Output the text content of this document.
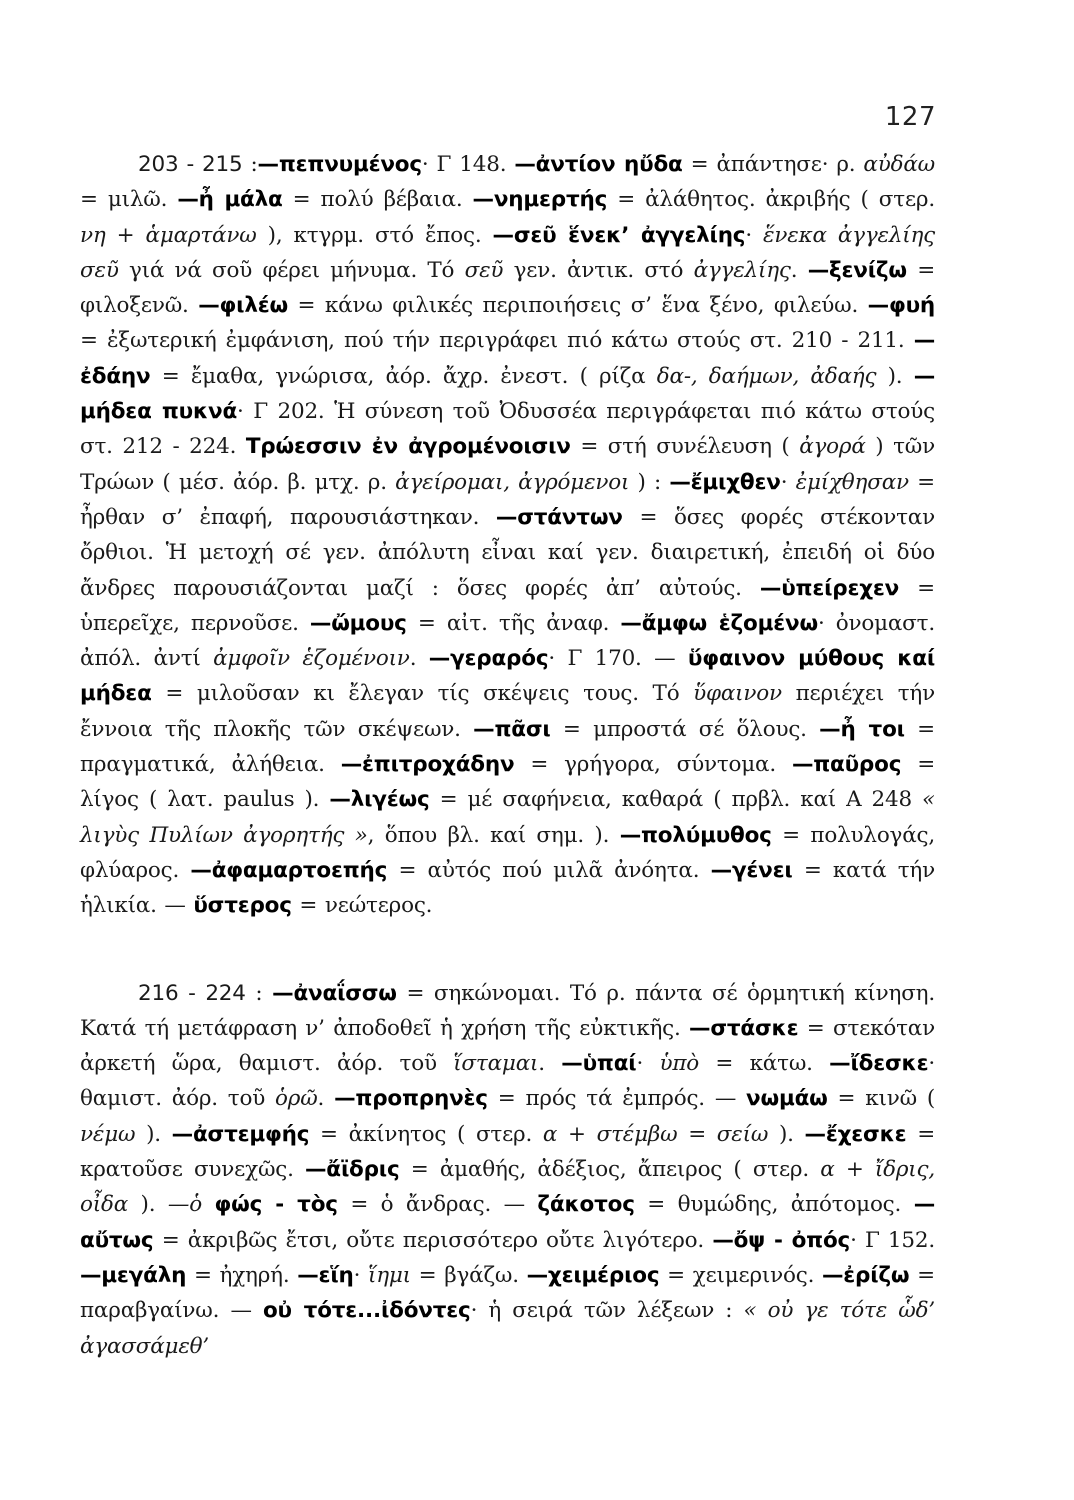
127

203 - 215 :—πεπνυμένος· Γ 148. —ἀντίον ηὔδα = ἀπάντησε· ρ. αὐδάω = μιλῶ. —ἦ μάλα = πολύ βέβαια. —νημερτής = ἀλάθητος. ἀκριβής ( στερ. νη + ἁμαρτάνω ), κτγρμ. στό ἔπος. —σεῦ ἕνεκ’ ἀγγελίης· ἕνεκα ἀγγελίης σεῦ γιά νά σοῦ φέρει μήνυμα. Τό σεῦ γεν. ἀντικ. στό ἀγγελίης. —ξενίζω = φιλοξενῶ. —φιλέω = κάνω φιλικές περιποιήσεις σ’ ἕνα ξένο, φιλεύω. —φυή = ἐξωτερική ἐμφάνιση, πού τήν περιγράφει πιό κάτω στούς στ. 210 - 211. —ἐδάην = ἔμαθα, γνώρισα, ἀόρ. ἄχρ. ἐνεστ. ( ρίζα δα-, δαήμων, ἀδαής ). —μήδεα πυκνά· Γ 202. Ἡ σύνεση τοῦ Ὀδυσσέα περιγράφεται πιό κάτω στούς στ. 212 - 224. Τρώεσσιν ἐν ἀγρομένοισιν = στή συνέλευση ( ἀγορά ) τῶν Τρώων ( μέσ. ἀόρ. β. μτχ. ρ. ἀγείρομαι, ἀγρόμενοι ) : —ἔμιχθεν· ἐμίχθησαν = ἦρθαν σ’ ἐπαφή, παρουσιάστηκαν. —στάντων = ὅσες φορές στέκονταν ὄρθιοι. Ἡ μετοχή σέ γεν. ἀπόλυτη εἶναι καί γεν. διαιρετική, ἐπειδή οἱ δύο ἄνδρες παρουσιάζονται μαζί : ὅσες φορές ἀπ’ αὐτούς. —ὑπείρεχεν = ὑπερεῖχε, περνοῦσε. —ὤμους = αἰτ. τῆς ἀναφ. —ἄμφω ἑζομένω· ὀνομαστ. ἀπόλ. ἀντί ἀμφοῖν ἑζομένοιν. —γεραρός· Γ 170. — ὕφαινον μύθους καί μήδεα = μιλοῦσαν κι ἔλεγαν τίς σκέψεις τους. Τό ὕφαινον περιέχει τήν ἔννοια τῆς πλοκῆς τῶν σκέψεων. —πᾶσι = μπροστά σέ ὅλους. —ἦ τοι = πραγματικά, ἀλήθεια. —ἐπιτροχάδην = γρήγορα, σύντομα. —παῦρος = λίγος ( λατ. paulus ). —λιγέως = μέ σαφήνεια, καθαρά ( πρβλ. καί Α 248 « λιγὺς Πυλίων ἀγορητής », ὅπου βλ. καί σημ. ). —πολύμυθος = πολυλογάς, φλύαρος. —ἀφαμαρτοεπής = αὐτός πού μιλᾶ ἀνόητα. —γένει = κατά τήν ἡλικία. — ὕστερος = νεώτερος.

216 - 224 : —ἀναΐσσω = σηκώνομαι. Τό ρ. πάντα σέ ὁρμητική κίνηση. Κατά τή μετάφραση ν’ ἀποδοθεῖ ἡ χρήση τῆς εὐκτικῆς. —στάσκε = στεκόταν ἀρκετή ὥρα, θαμιστ. ἀόρ. τοῦ ἵσταμαι. —ὑπαί· ὑπὸ = κάτω. —ἴδεσκε· θαμιστ. ἀόρ. τοῦ ὁρῶ. —προπρηνὲς = πρός τά ἐμπρός. — νωμάω = κινῶ ( νέμω ). —ἀστεμφής = ἀκίνητος ( στερ. α + στέμβω = σείω ). —ἔχεσκε = κρατοῦσε συνεχῶς. —ἄϊδρις = ἀμαθής, ἀδέξιος, ἄπειρος ( στερ. α + ἴδρις, οἶδα ). —ὁ φώς - τὸς = ὁ ἄνδρας. — ζάκοτος = θυμώδης, ἀπότομος. —αὔτως = ἀκριβῶς ἔτσι, οὔτε περισσότερο οὔτε λιγότερο. —ὄψ - ὀπός· Γ 152. —μεγάλη = ἠχηρή. —εἵη· ἵημι = βγάζω. —χειμέριος = χειμερινός. —ἐρίζω = παραβγαίνω. — οὐ τότε...ἰδόντες· ἡ σειρά τῶν λέξεων : « οὐ γε τότε ὧδ’ ἀγασσάμεθ’
